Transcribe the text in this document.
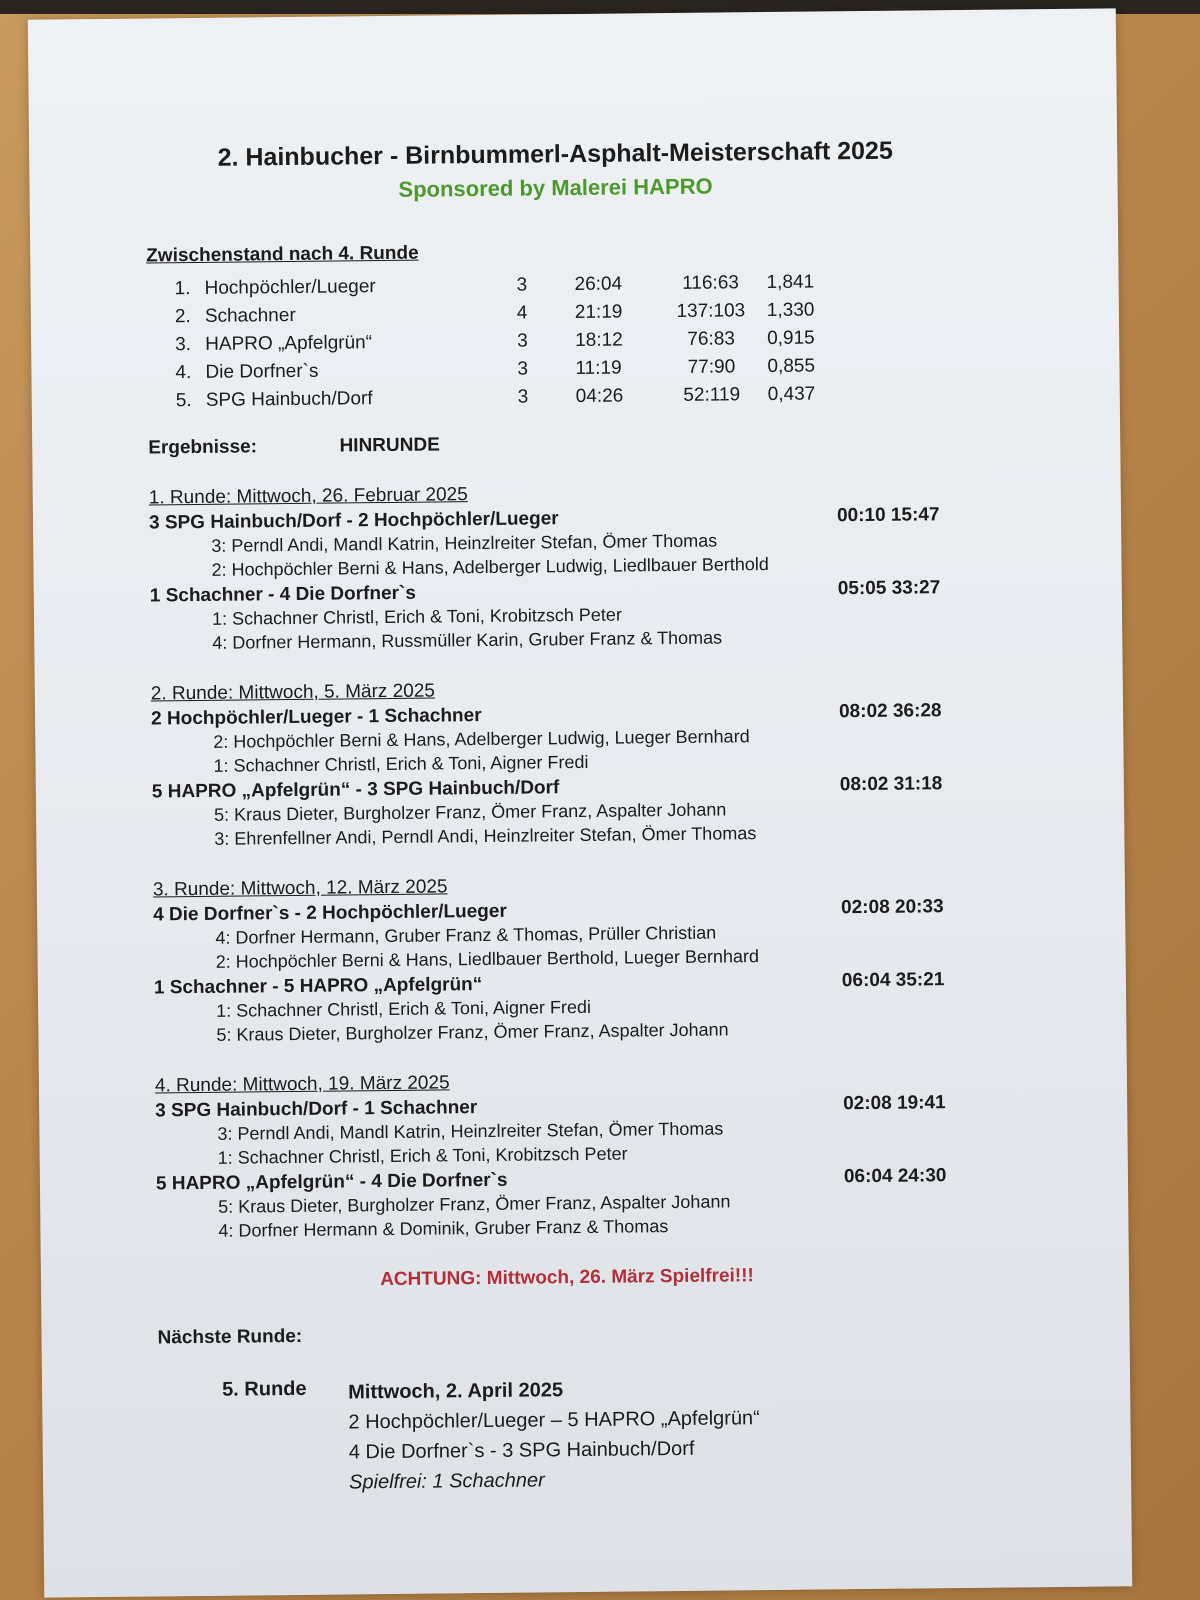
2. Hainbucher - Birnbummerl-Asphalt-Meisterschaft 2025

Sponsored by Malerei HAPRO

Zwischenstand nach 4. Runde
1.	Hochpöchler/Lueger	3	26:04	116:63	1,841
2.	Schachner	4	21:19	137:103	1,330
3.	HAPRO „Apfelgrün“	3	18:12	76:83	0,915
4.	Die Dorfner`s	3	11:19	77:90	0,855
5.	SPG Hainbuch/Dorf	3	04:26	52:119	0,437
Ergebnisse:	HINRUNDE
1. Runde: Mittwoch, 26. Februar 2025
3 SPG Hainbuch/Dorf - 2 Hochpöchler/Lueger	00:10 15:47
3: Perndl Andi, Mandl Katrin, Heinzlreiter Stefan, Ömer Thomas
2: Hochpöchler Berni & Hans, Adelberger Ludwig, Liedlbauer Berthold
1 Schachner - 4 Die Dorfner`s	05:05 33:27
1: Schachner Christl, Erich & Toni, Krobitzsch Peter
4: Dorfner Hermann, Russmüller Karin, Gruber Franz & Thomas
2. Runde: Mittwoch, 5. März 2025
2 Hochpöchler/Lueger - 1 Schachner	08:02 36:28
2: Hochpöchler Berni & Hans, Adelberger Ludwig, Lueger Bernhard
1: Schachner Christl, Erich & Toni, Aigner Fredi
5 HAPRO „Apfelgrün“ - 3 SPG Hainbuch/Dorf	08:02 31:18
5: Kraus Dieter, Burgholzer Franz, Ömer Franz, Aspalter Johann
3: Ehrenfellner Andi, Perndl Andi, Heinzlreiter Stefan, Ömer Thomas
3. Runde: Mittwoch, 12. März 2025
4 Die Dorfner`s - 2 Hochpöchler/Lueger	02:08 20:33
4: Dorfner Hermann, Gruber Franz & Thomas, Prüller Christian
2: Hochpöchler Berni & Hans, Liedlbauer Berthold, Lueger Bernhard
1 Schachner - 5 HAPRO „Apfelgrün“	06:04 35:21
1: Schachner Christl, Erich & Toni, Aigner Fredi
5: Kraus Dieter, Burgholzer Franz, Ömer Franz, Aspalter Johann
4. Runde: Mittwoch, 19. März 2025
3 SPG Hainbuch/Dorf - 1 Schachner	02:08 19:41
3: Perndl Andi, Mandl Katrin, Heinzlreiter Stefan, Ömer Thomas
1: Schachner Christl, Erich & Toni, Krobitzsch Peter
5 HAPRO „Apfelgrün“ - 4 Die Dorfner`s	06:04 24:30
5: Kraus Dieter, Burgholzer Franz, Ömer Franz, Aspalter Johann
4: Dorfner Hermann & Dominik, Gruber Franz & Thomas
ACHTUNG: Mittwoch, 26. März Spielfrei!!!
Nächste Runde:
5. Runde	Mittwoch, 2. April 2025
2 Hochpöchler/Lueger – 5 HAPRO „Apfelgrün“
4 Die Dorfner`s - 3 SPG Hainbuch/Dorf
Spielfrei: 1 Schachner
